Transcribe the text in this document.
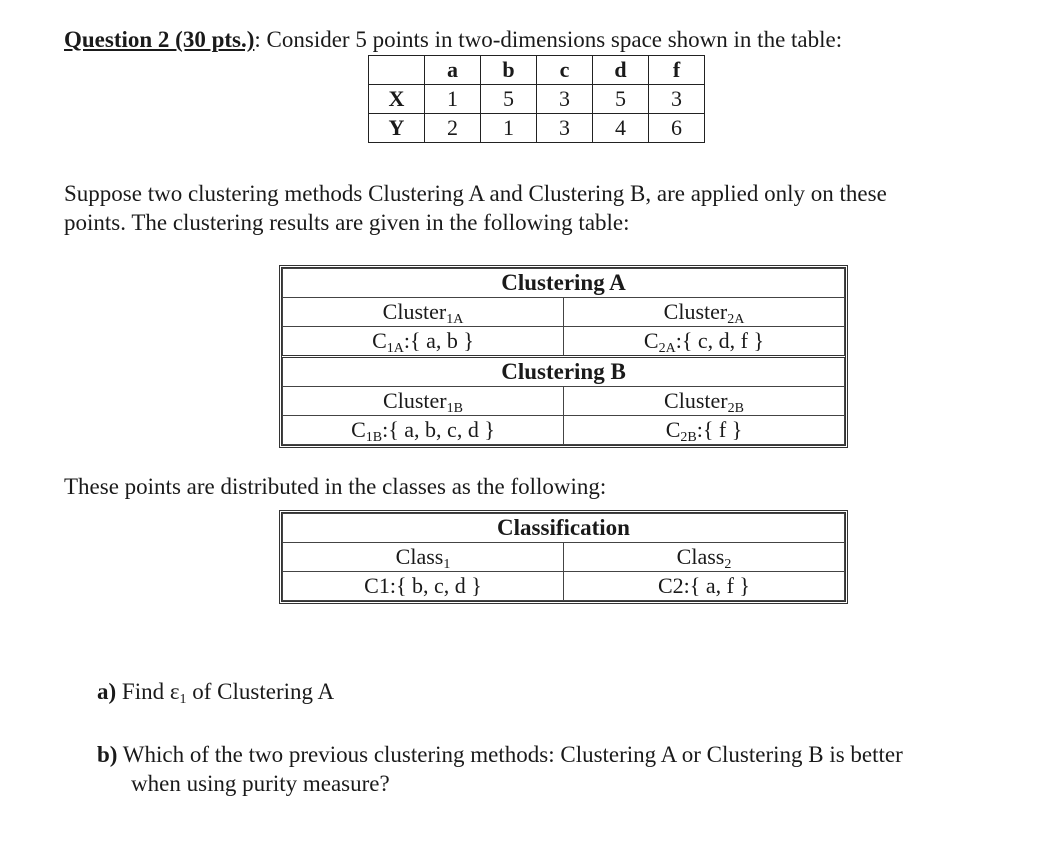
Question 2 (30 pts.): Consider 5 points in two-dimensions space shown in the table:
	a	b	c	d	f
X	1	5	3	5	3
Y	2	1	3	4	6
Suppose two clustering methods Clustering A and Clustering B, are applied only on these
points. The clustering results are given in the following table:
Clustering A	
Cluster$_{1A}$	Cluster$_{2A}$
$C_{1A}$:{ a, b }	$C_{2A}$:{ c, d, f }
Clustering B	
Cluster$_{1B}$	Cluster$_{2B}$
$C_{1B}$:{ a, b, c, d }	$C_{2B}$:{ f }
These points are distributed in the classes as the following:
Classification	
Class$_1$	Class$_2$
C1:{ b, c, d }	C2:{ a, f }
a) Find $\varepsilon_1$ of Clustering A
b) Which of the two previous clustering methods: Clustering A or Clustering B is better
when using purity measure?
